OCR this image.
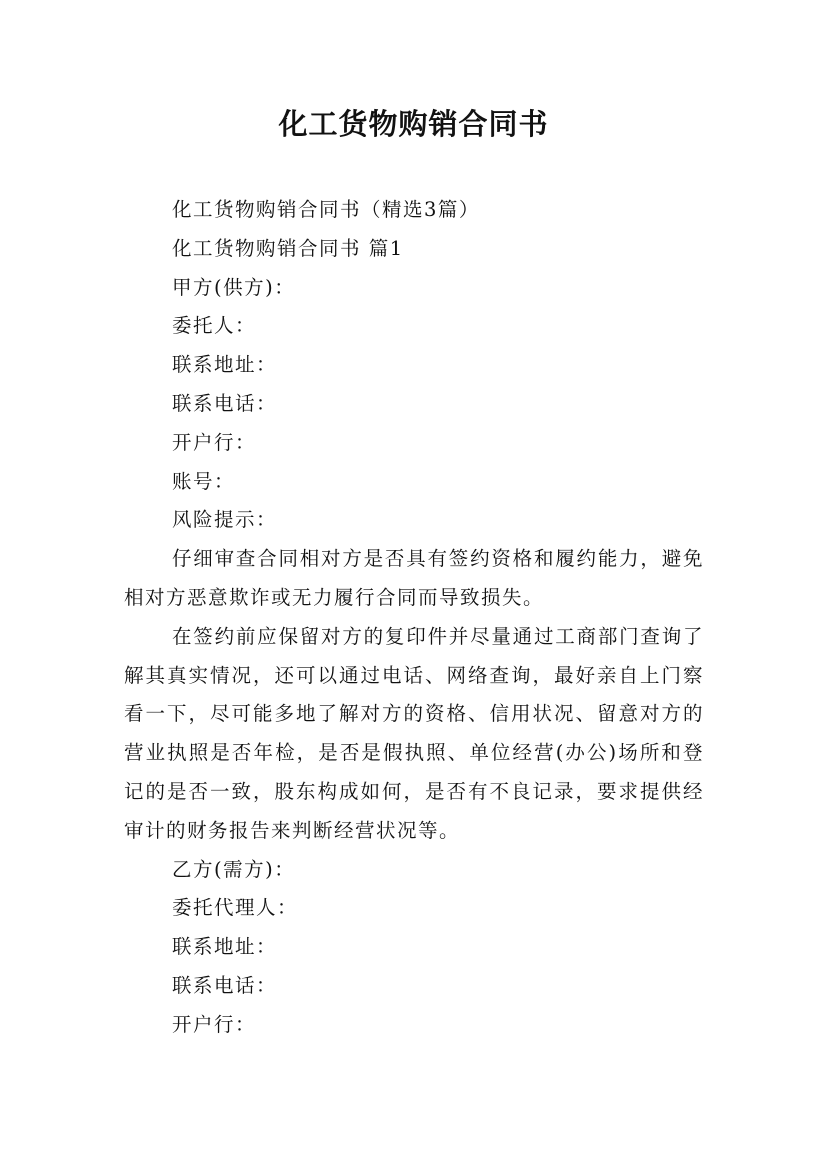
化工货物购销合同书

化工货物购销合同书（精选3篇）

化工货物购销合同书 篇1

甲方(供方)：

委托人：

联系地址：

联系电话：

开户行：

账号：

风险提示：

仔细审查合同相对方是否具有签约资格和履约能力，避免相对方恶意欺诈或无力履行合同而导致损失。

在签约前应保留对方的复印件并尽量通过工商部门查询了解其真实情况，还可以通过电话、网络查询，最好亲自上门察看一下，尽可能多地了解对方的资格、信用状况、留意对方的营业执照是否年检，是否是假执照、单位经营(办公)场所和登记的是否一致，股东构成如何，是否有不良记录，要求提供经审计的财务报告来判断经营状况等。

乙方(需方)：

委托代理人：

联系地址：

联系电话：

开户行：
